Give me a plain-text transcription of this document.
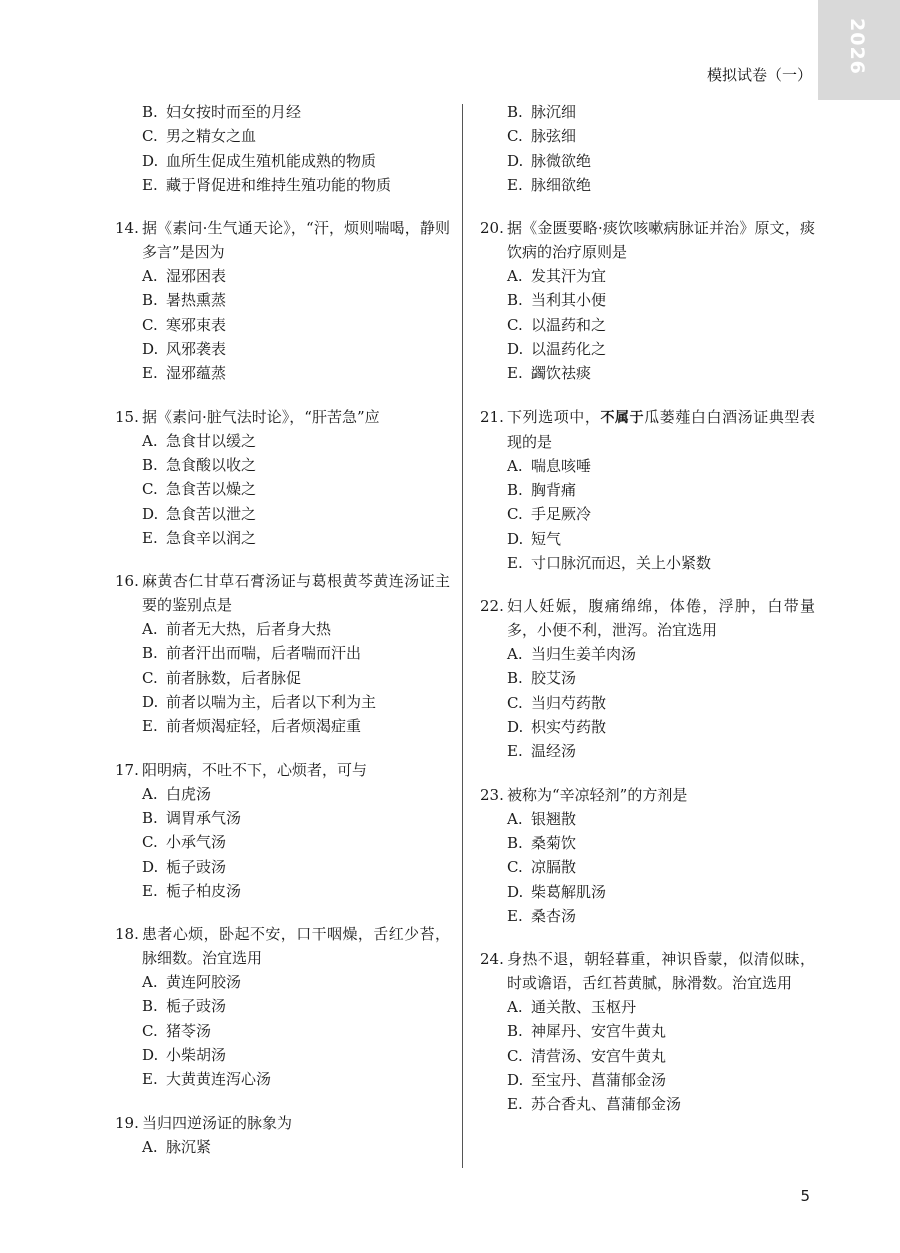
2026
模拟试卷（一）
B. 妇女按时而至的月经
C. 男之精女之血
D. 血所生促成生殖机能成熟的物质
E. 藏于肾促进和维持生殖功能的物质
14. 据《素问·生气通天论》，“汗，烦则喘喝，静则多言”是因为
A. 湿邪困表
B. 暑热熏蒸
C. 寒邪束表
D. 风邪袭表
E. 湿邪蕴蒸
15. 据《素问·脏气法时论》，“肝苦急”应
A. 急食甘以缓之
B. 急食酸以收之
C. 急食苦以燥之
D. 急食苦以泄之
E. 急食辛以润之
16. 麻黄杏仁甘草石膏汤证与葛根黄芩黄连汤证主要的鉴别点是
A. 前者无大热，后者身大热
B. 前者汗出而喘，后者喘而汗出
C. 前者脉数，后者脉促
D. 前者以喘为主，后者以下利为主
E. 前者烦渴症轻，后者烦渴症重
17. 阳明病，不吐不下，心烦者，可与
A. 白虎汤
B. 调胃承气汤
C. 小承气汤
D. 栀子豉汤
E. 栀子柏皮汤
18. 患者心烦，卧起不安，口干咽燥，舌红少苔，脉细数。治宜选用
A. 黄连阿胶汤
B. 栀子豉汤
C. 猪苓汤
D. 小柴胡汤
E. 大黄黄连泻心汤
19. 当归四逆汤证的脉象为
A. 脉沉紧
B. 脉沉细
C. 脉弦细
D. 脉微欲绝
E. 脉细欲绝
20. 据《金匮要略·痰饮咳嗽病脉证并治》原文，痰饮病的治疗原则是
A. 发其汗为宜
B. 当利其小便
C. 以温药和之
D. 以温药化之
E. 蠲饮祛痰
21. 下列选项中，不属于瓜蒌薤白白酒汤证典型表现的是
A. 喘息咳唾
B. 胸背痛
C. 手足厥冷
D. 短气
E. 寸口脉沉而迟，关上小紧数
22. 妇人妊娠，腹痛绵绵，体倦，浮肿，白带量多，小便不利，泄泻。治宜选用
A. 当归生姜羊肉汤
B. 胶艾汤
C. 当归芍药散
D. 枳实芍药散
E. 温经汤
23. 被称为“辛凉轻剂”的方剂是
A. 银翘散
B. 桑菊饮
C. 凉膈散
D. 柴葛解肌汤
E. 桑杏汤
24. 身热不退，朝轻暮重，神识昏蒙，似清似昧，时或谵语，舌红苔黄腻，脉滑数。治宜选用
A. 通关散、玉枢丹
B. 神犀丹、安宫牛黄丸
C. 清营汤、安宫牛黄丸
D. 至宝丹、菖蒲郁金汤
E. 苏合香丸、菖蒲郁金汤
5
